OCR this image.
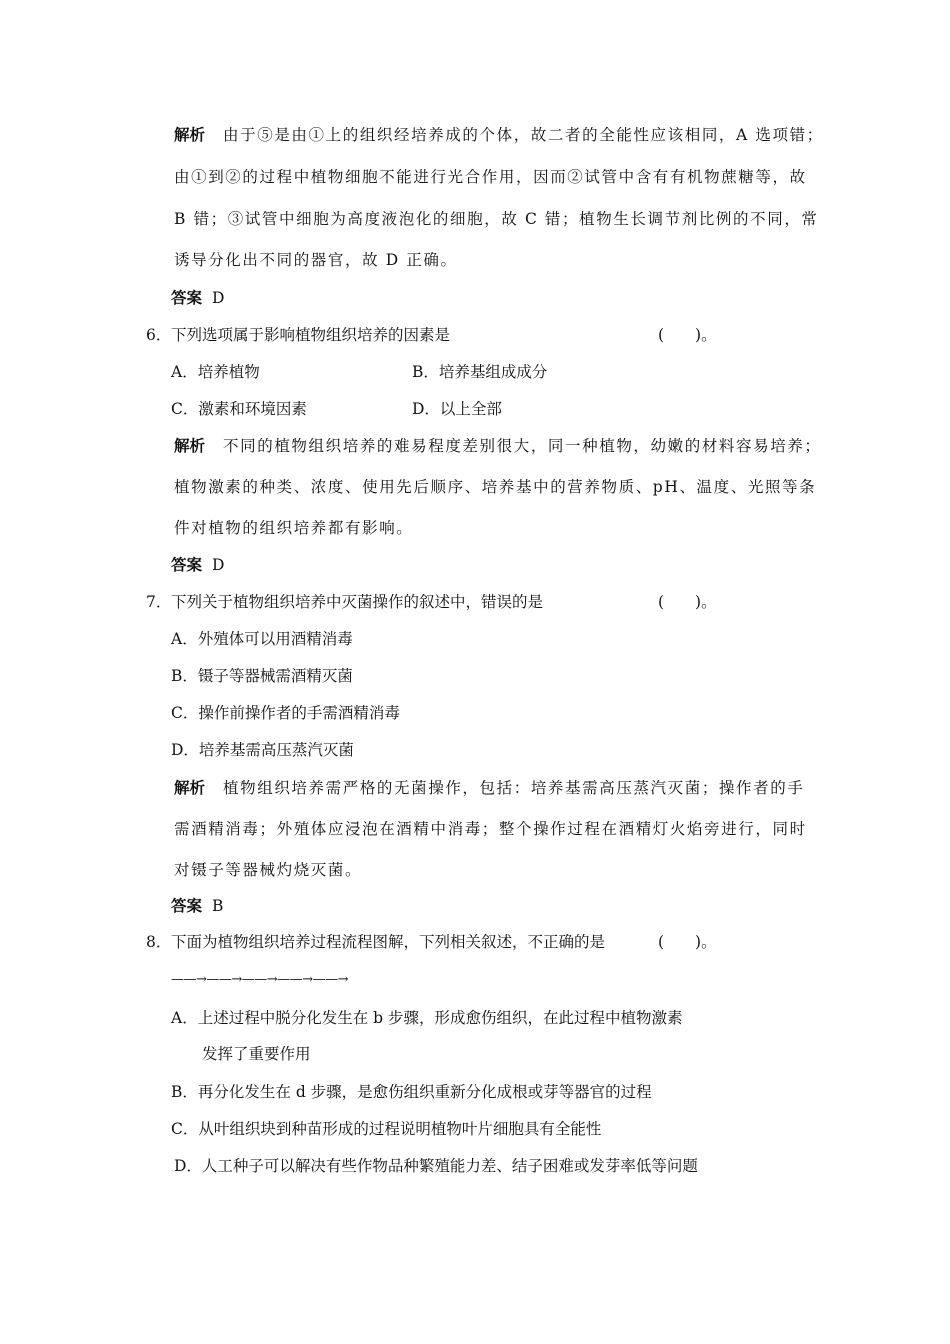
解析 由于⑤是由①上的组织经培养成的个体，故二者的全能性应该相同，A 选项错；
由①到②的过程中植物细胞不能进行光合作用，因而②试管中含有有机物蔗糖等，故
B 错；③试管中细胞为高度液泡化的细胞，故 C 错；植物生长调节剂比例的不同，常
诱导分化出不同的器官，故 D 正确。
答案 D
6． 下列选项属于影响植物组织培养的因素是	(　　)。
A．培养植物	B．培养基组成成分
C．激素和环境因素	D．以上全部
解析 不同的植物组织培养的难易程度差别很大，同一种植物，幼嫩的材料容易培养；
植物激素的种类、浓度、使用先后顺序、培养基中的营养物质、pH、温度、光照等条
件对植物的组织培养都有影响。
答案 D
7． 下列关于植物组织培养中灭菌操作的叙述中，错误的是	(　　)。
A．外殖体可以用酒精消毒
B．镊子等器械需酒精灭菌
C．操作前操作者的手需酒精消毒
D．培养基需高压蒸汽灭菌
解析 植物组织培养需严格的无菌操作，包括：培养基需高压蒸汽灭菌；操作者的手
需酒精消毒；外殖体应浸泡在酒精中消毒；整个操作过程在酒精灯火焰旁进行，同时
对镊子等器械灼烧灭菌。
答案 B
8． 下面为植物组织培养过程流程图解，下列相关叙述，不正确的是	(　　)。
——→——→——→——→——→
A．上述过程中脱分化发生在 b 步骤，形成愈伤组织，在此过程中植物激素
发挥了重要作用
B．再分化发生在 d 步骤，是愈伤组织重新分化成根或芽等器官的过程
C．从叶组织块到种苗形成的过程说明植物叶片细胞具有全能性
D．人工种子可以解决有些作物品种繁殖能力差、结子困难或发芽率低等问题
